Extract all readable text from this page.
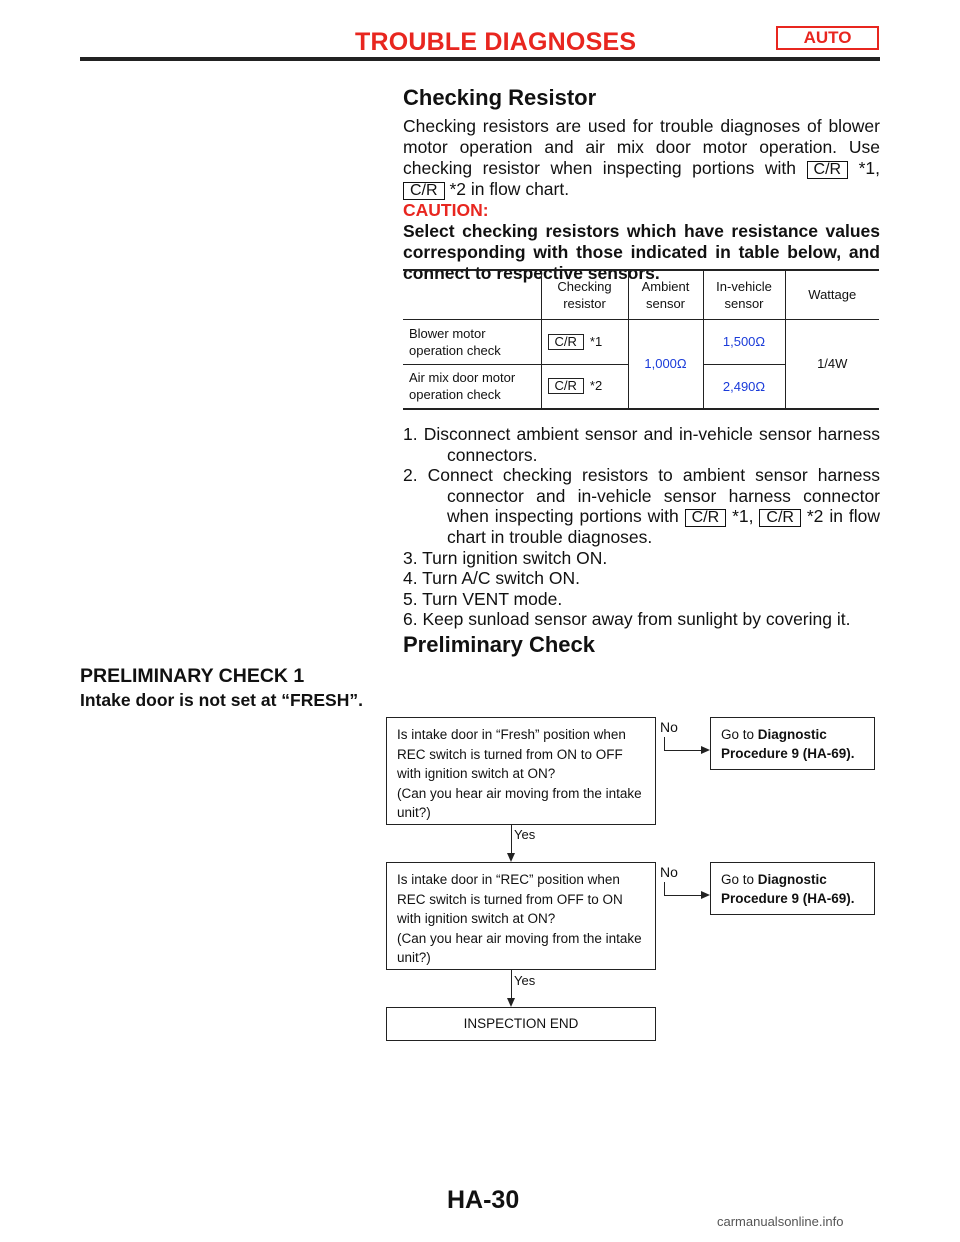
TROUBLE DIAGNOSES	AUTO
Checking Resistor

Checking resistors are used for trouble diagnoses of blower motor operation and air mix door motor operation. Use checking resistor when inspecting portions with C/R *1, C/R *2 in flow chart.

CAUTION:
Select checking resistors which have resistance values corresponding with those indicated in table below, and connect to respective sensors.
	Checking resistor	Ambient sensor	In-vehicle sensor	Wattage
Blower motor operation check	C/R *1	1,000Ω	1,500Ω	1/4W
Air mix door motor operation check	C/R *2		2,490Ω	
1. Disconnect ambient sensor and in-vehicle sensor harness connectors.
2. Connect checking resistors to ambient sensor harness connector and in-vehicle sensor harness connector when inspecting portions with C/R *1, C/R *2 in flow chart in trouble diagnoses.
3. Turn ignition switch ON.
4. Turn A/C switch ON.
5. Turn VENT mode.
6. Keep sunload sensor away from sunlight by covering it.
Preliminary Check
PRELIMINARY CHECK 1
Intake door is not set at “FRESH”.
Is intake door in “Fresh” position when REC switch is turned from ON to OFF with ignition switch at ON?
(Can you hear air moving from the intake unit?)
No	Go to Diagnostic Procedure 9 (HA-69).
Yes
Is intake door in “REC” position when REC switch is turned from OFF to ON with ignition switch at ON?
(Can you hear air moving from the intake unit?)
No	Go to Diagnostic Procedure 9 (HA-69).
Yes
INSPECTION END
HA-30
carmanualsonline.info
